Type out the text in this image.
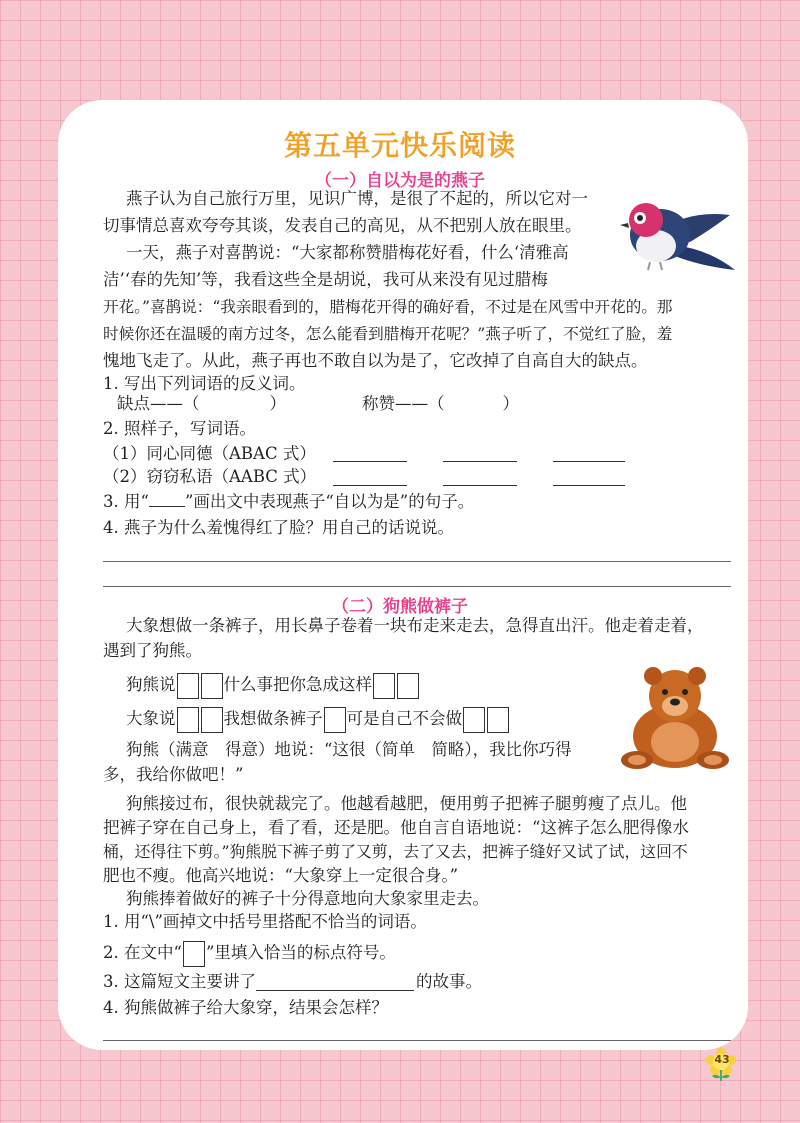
第五单元快乐阅读
（一）自以为是的燕子
燕子认为自己旅行万里，见识广博，是很了不起的，所以它对一
切事情总喜欢夸夸其谈，发表自己的高见，从不把别人放在眼里。
一天，燕子对喜鹊说：“大家都称赞腊梅花好看，什么‘清雅高
洁’‘春的先知’等，我看这些全是胡说，我可从来没有见过腊梅
开花。”喜鹊说：“我亲眼看到的，腊梅花开得的确好看，不过是在风雪中开花的。那
时候你还在温暖的南方过冬，怎么能看到腊梅开花呢？”燕子听了，不觉红了脸，羞
愧地飞走了。从此，燕子再也不敢自以为是了，它改掉了自高自大的缺点。
1. 写出下列词语的反义词。
缺点——（	）	称赞——（	）
2. 照样子，写词语。
（1）同心同德（ABAC 式）
（2）窃窃私语（AABC 式）
3. 用“ ”画出文中表现燕子“自以为是”的句子。
4. 燕子为什么羞愧得红了脸？用自己的话说说。
（二）狗熊做裤子
大象想做一条裤子，用长鼻子卷着一块布走来走去，急得直出汗。他走着走着，
遇到了狗熊。
狗熊说	什么事把你急成这样
大象说	我想做条裤子 可是自己不会做
狗熊（满意　得意）地说：“这很（简单　简略），我比你巧得
多，我给你做吧！”
狗熊接过布，很快就裁完了。他越看越肥，便用剪子把裤子腿剪瘦了点儿。他
把裤子穿在自己身上，看了看，还是肥。他自言自语地说：“这裤子怎么肥得像水
桶，还得往下剪。”狗熊脱下裤子剪了又剪，去了又去，把裤子缝好又试了试，这回不
肥也不瘦。他高兴地说：“大象穿上一定很合身。”
狗熊捧着做好的裤子十分得意地向大象家里走去。
1. 用“\”画掉文中括号里搭配不恰当的词语。
2. 在文中“ ”里填入恰当的标点符号。
3. 这篇短文主要讲了	的故事。
4. 狗熊做裤子给大象穿，结果会怎样？
43
